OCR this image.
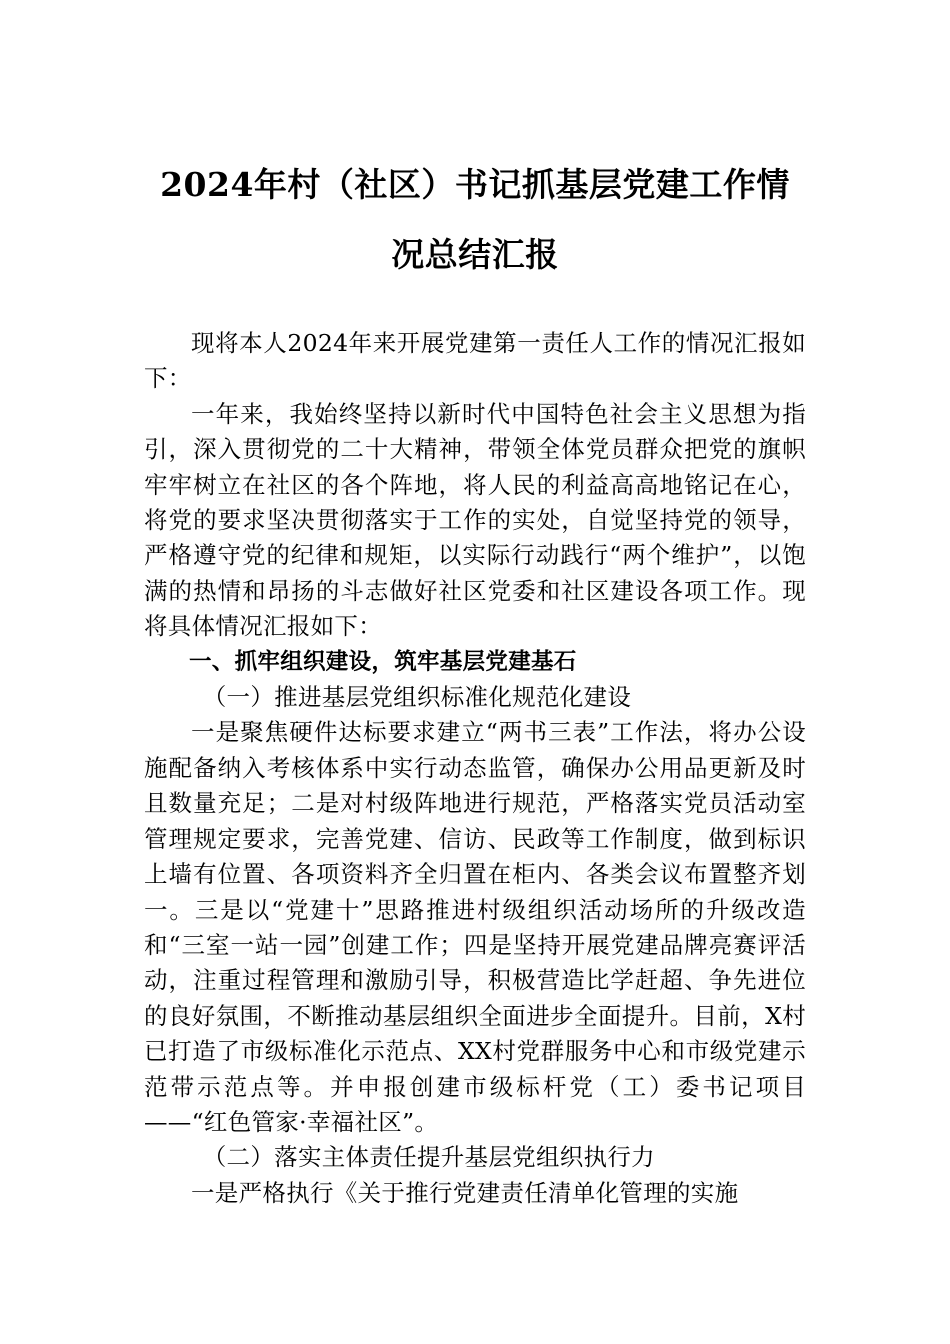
2024年村（社区）书记抓基层党建工作情
况总结汇报

现将本人2024年来开展党建第一责任人工作的情况汇报如下：

一年来，我始终坚持以新时代中国特色社会主义思想为指引，深入贯彻党的二十大精神，带领全体党员群众把党的旗帜牢牢树立在社区的各个阵地，将人民的利益高高地铭记在心，将党的要求坚决贯彻落实于工作的实处，自觉坚持党的领导，严格遵守党的纪律和规矩，以实际行动践行“两个维护”，以饱满的热情和昂扬的斗志做好社区党委和社区建设各项工作。现将具体情况汇报如下：

一、抓牢组织建设，筑牢基层党建基石

（一）推进基层党组织标准化规范化建设

一是聚焦硬件达标要求建立“两书三表”工作法，将办公设施配备纳入考核体系中实行动态监管，确保办公用品更新及时且数量充足；二是对村级阵地进行规范，严格落实党员活动室管理规定要求，完善党建、信访、民政等工作制度，做到标识上墙有位置、各项资料齐全归置在柜内、各类会议布置整齐划一。三是以“党建十”思路推进村级组织活动场所的升级改造和“三室一站一园”创建工作；四是坚持开展党建品牌亮赛评活动，注重过程管理和激励引导，积极营造比学赶超、争先进位的良好氛围，不断推动基层组织全面进步全面提升。目前，X村已打造了市级标准化示范点、XX村党群服务中心和市级党建示范带示范点等。并申报创建市级标杆党（工）委书记项目——“红色管家·幸福社区”。

（二）落实主体责任提升基层党组织执行力

一是严格执行《关于推行党建责任清单化管理的实施
